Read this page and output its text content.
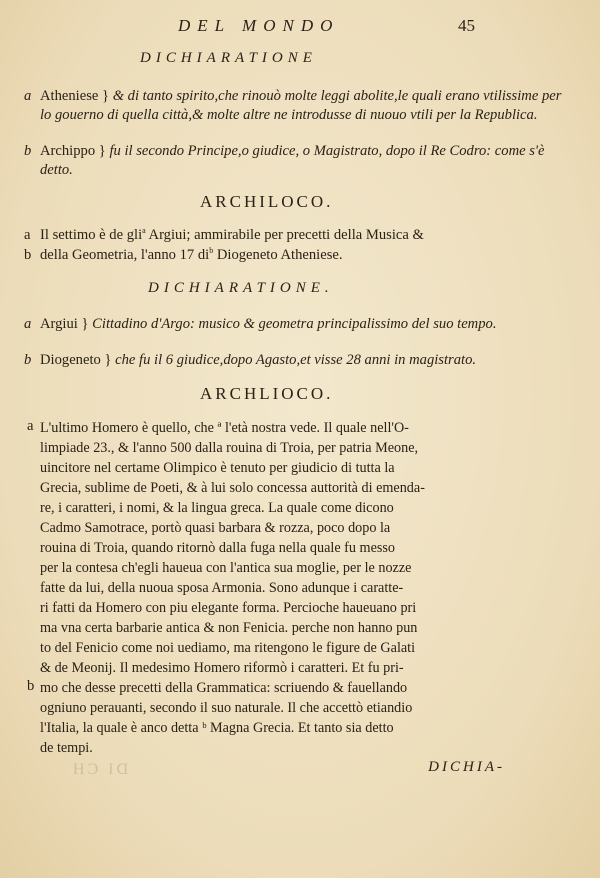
DEL MONDO	45
DICHIARATIONE
a Atheniese } & di tanto spirito,che rinouò molte leggi abolite,le quali erano vtilissime per lo gouerno di quella città,& molte altre ne introdusse di nuouo vtili per la Republica.
b Archippo } fu il secondo Principe,o giudice, o Magistrato, dopo il Re Codro: come s'è detto.
ARCHILOCO.
a Il settimo è de gli$^a$ Argiui; ammirabile per precetti della Musica &
b della Geometria, l'anno 17 $di^b$ Diogeneto Atheniese.
DICHIARATIONE.
a Argiui } Cittadino d'Argo: musico & geometra principalissimo del suo tempo.
b Diogeneto } che fu il 6 giudice,dopo Agasto,et visse 28 anni in magistrato.
ARCHLIOCO.
a
b
L'ultimo Homero è quello, che ª l'età nostra vede. Il quale nell'O-
limpiade 23., & l'anno 500 dalla rouina di Troia, per patria Meone,
uincitore nel certame Olimpico è tenuto per giudicio di tutta la
Grecia, sublime de Poeti, & à lui solo concessa auttorità di emenda-
re, i caratteri, i nomi, & la lingua greca. La quale come dicono
Cadmo Samotrace, portò quasi barbara & rozza, poco dopo la
rouina di Troia, quando ritornò dalla fuga nella quale fu messo
per la contesa ch'egli haueua con l'antica sua moglie, per le nozze
fatte da lui, della nuoua sposa Armonia. Sono adunque i caratte-
ri fatti da Homero con piu elegante forma. Percioche haueuano pri
ma vna certa barbarie antica & non Fenicia. perche non hanno pun
to del Fenicio come noi uediamo, ma ritengono le figure de Galati
& de Meonij. Il medesimo Homero riformò i caratteri. Et fu pri-
mo che desse precetti della Grammatica: scriuendo & fauellando
ogniuno perauanti, secondo il suo naturale. Il che accettò etiandio
l'Italia, la quale è anco detta ᵇ Magna Grecia. Et tanto sia detto
de tempi.
DI CH	DICHIA-
